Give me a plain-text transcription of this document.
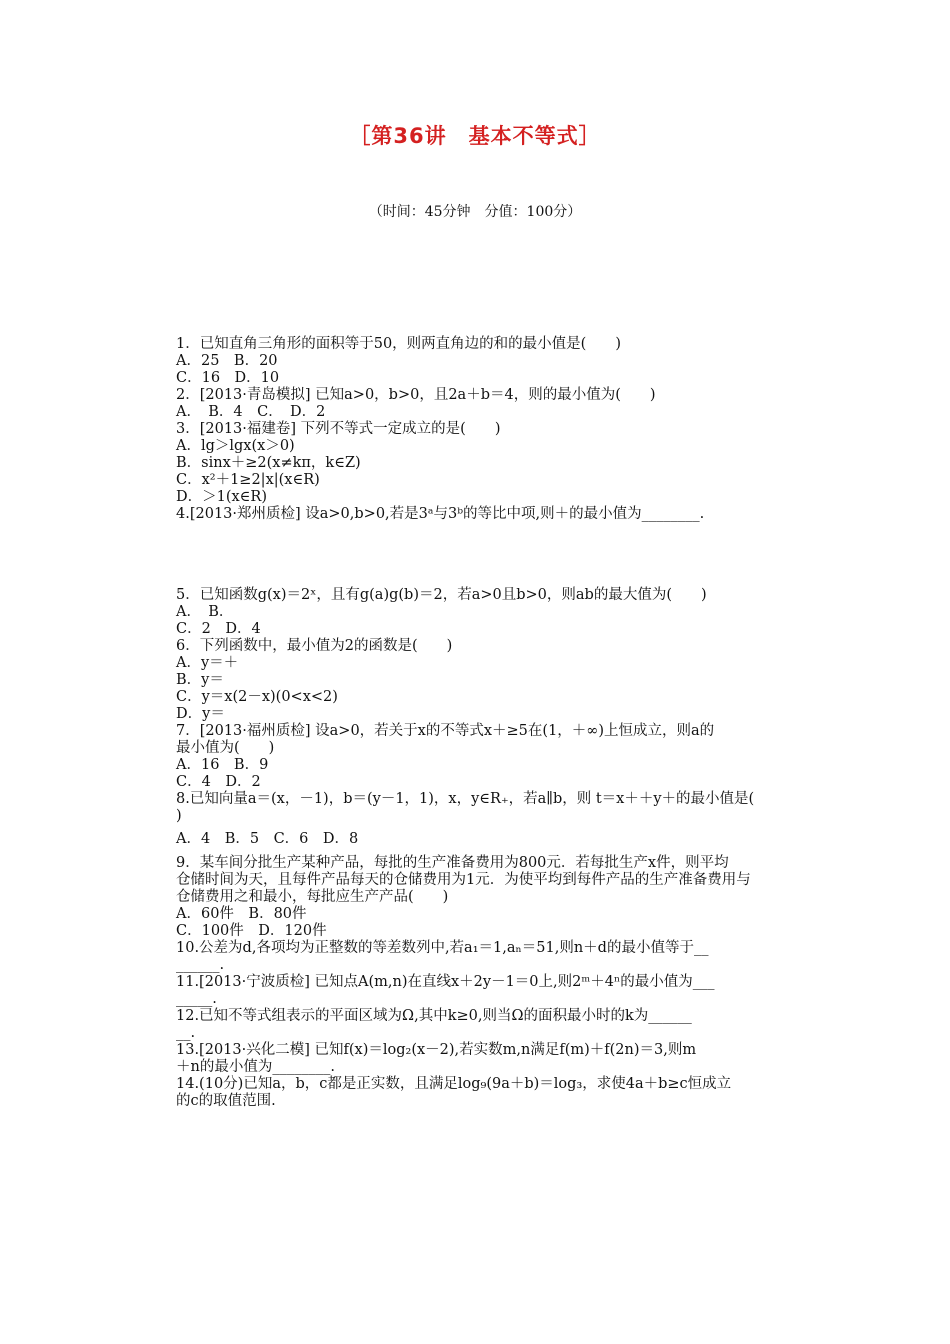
［第36讲　基本不等式］
（时间：45分钟　分值：100分）
1．已知直角三角形的面积等于50，则两直角边的和的最小值是(　　)
A．25　B．20
C．16　D．10
2．[2013·青岛模拟] 已知a>0，b>0，且2a＋b＝4，则的最小值为(　　)
A．　B．4　C．　D．2
3．[2013·福建卷] 下列不等式一定成立的是(　　)
A．lg＞lgx(x＞0)
B．sinx＋≥2(x≠kπ，k∈Z)
C．x²＋1≥2|x|(x∈R)
D．＞1(x∈R)
4.[2013·郑州质检] 设a>0,b>0,若是3ᵃ与3ᵇ的等比中项,则＋的最小值为________.
5．已知函数g(x)＝2ˣ，且有g(a)g(b)＝2，若a>0且b>0，则ab的最大值为(　　)
A．　B．
C．2　D．4
6．下列函数中，最小值为2的函数是(　　)
A．y＝＋
B．y＝
C．y＝x(2－x)(0<x<2)
D．y＝
7．[2013·福州质检] 设a>0，若关于x的不等式x＋≥5在(1，＋∞)上恒成立，则a的
最小值为(　　)
A．16　B．9
C．4　D．2
8.已知向量a＝(x，－1)，b＝(y－1，1)，x，y∈R₊，若a∥b，则 t＝x＋＋y＋的最小值是(
)
A．4　B．5　C．6　D．8
9．某车间分批生产某种产品，每批的生产准备费用为800元．若每批生产x件，则平均
仓储时间为天，且每件产品每天的仓储费用为1元．为使平均到每件产品的生产准备费用与
仓储费用之和最小，每批应生产产品(　　)
A．60件　B．80件
C．100件　D．120件
10.公差为d,各项均为正整数的等差数列中,若a₁＝1,aₙ＝51,则n＋d的最小值等于__
______.
11.[2013·宁波质检] 已知点A(m,n)在直线x＋2y－1＝0上,则2ᵐ＋4ⁿ的最小值为___
_____.
12.已知不等式组表示的平面区域为Ω,其中k≥0,则当Ω的面积最小时的k为______
__.
13.[2013·兴化二模] 已知f(x)＝log₂(x－2),若实数m,n满足f(m)＋f(2n)＝3,则m
＋n的最小值为________.
14.(10分)已知a，b，c都是正实数，且满足log₉(9a＋b)＝log₃，求使4a＋b≥c恒成立
的c的取值范围.
